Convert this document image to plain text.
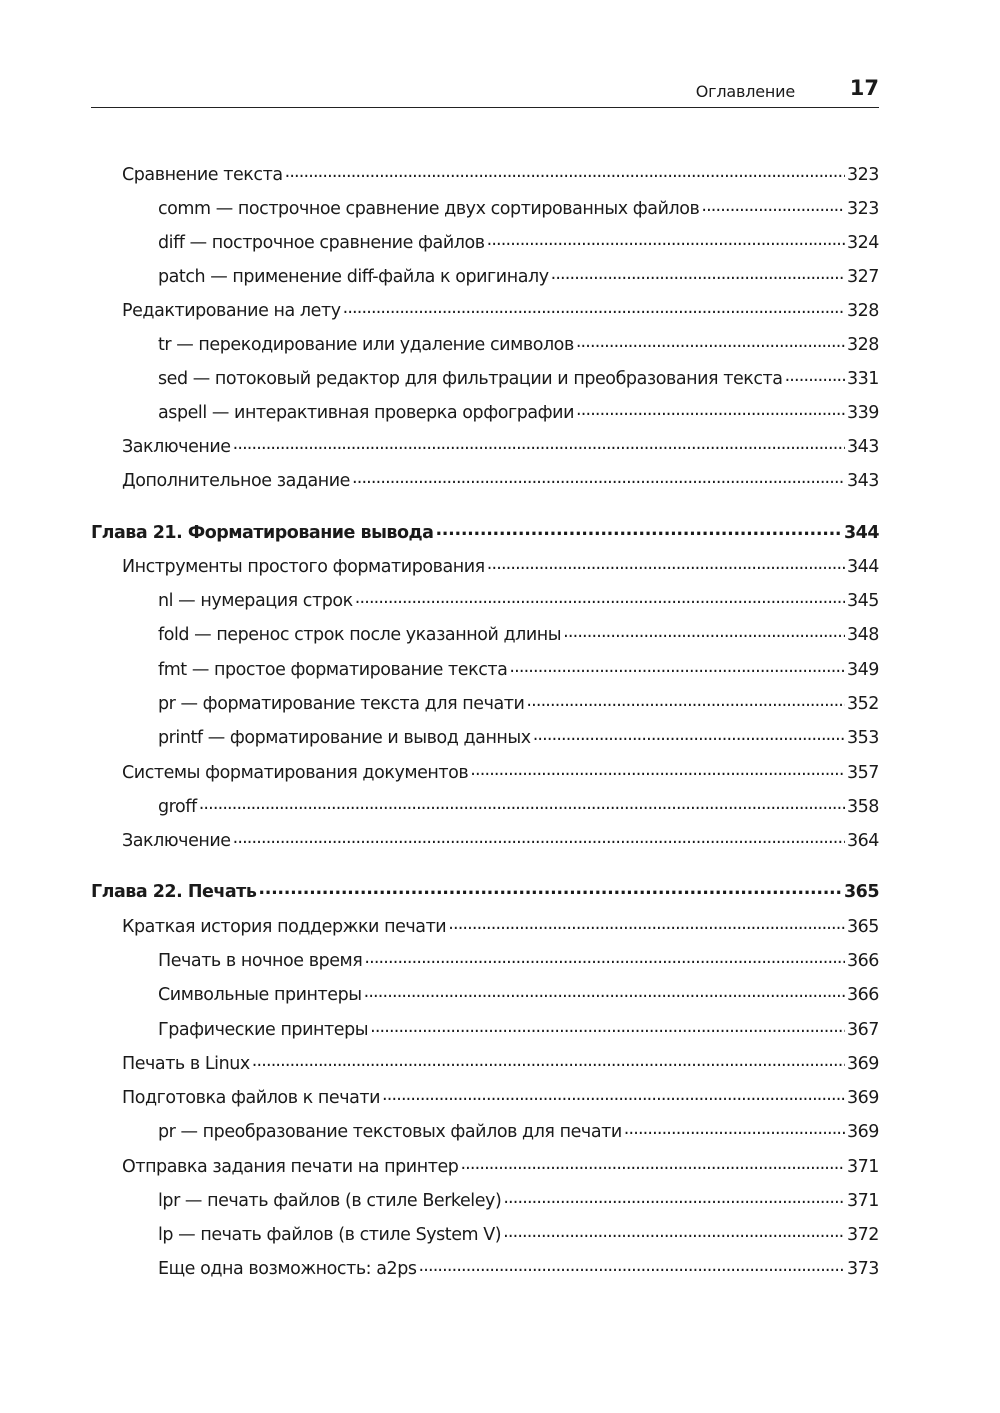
Оглавление	17
Сравнение текста . . .	323
comm — построчное сравнение двух сортированных файлов . . .	323
diff — построчное сравнение файлов . . .	324
patch — применение diff-файла к оригиналу . . .	327
Редактирование на лету . . .	328
tr — перекодирование или удаление символов . . .	328
sed — потоковый редактор для фильтрации и преобразования текста . . .	331
aspell — интерактивная проверка орфографии . . .	339
Заключение . . .	343
Дополнительное задание . . .	343
Глава 21. Форматирование вывода . . .	344
Инструменты простого форматирования . . .	344
nl — нумерация строк . . .	345
fold — перенос строк после указанной длины . . .	348
fmt — простое форматирование текста . . .	349
pr — форматирование текста для печати . . .	352
printf — форматирование и вывод данных . . .	353
Системы форматирования документов . . .	357
groff . . .	358
Заключение . . .	364
Глава 22. Печать . . .	365
Краткая история поддержки печати . . .	365
Печать в ночное время . . .	366
Символьные принтеры . . .	366
Графические принтеры . . .	367
Печать в Linux . . .	369
Подготовка файлов к печати . . .	369
pr — преобразование текстовых файлов для печати . . .	369
Отправка задания печати на принтер . . .	371
lpr — печать файлов (в стиле Berkeley) . . .	371
lp — печать файлов (в стиле System V) . . .	372
Еще одна возможность: a2ps . . .	373
